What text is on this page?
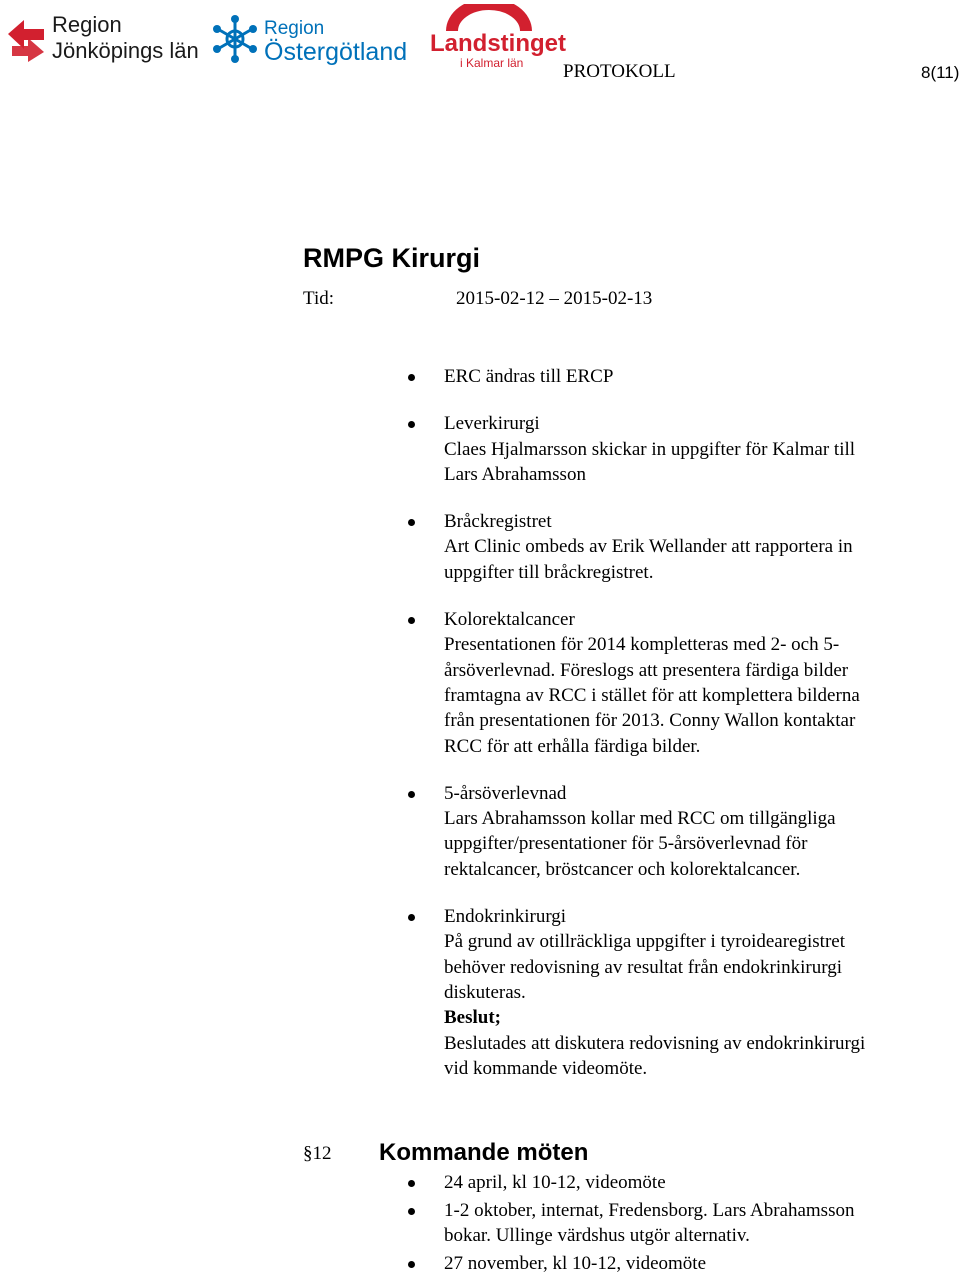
Region
Jönköpings län
Region
Östergötland Landstinget
i Kalmar län PROTOKOLL	8(11)
RMPG Kirurgi
Tid:	2015-02-12 – 2015-02-13
ERC ändras till ERCP
Leverkirurgi
Claes Hjalmarsson skickar in uppgifter för Kalmar till
Lars Abrahamsson
Bråckregistret
Art Clinic ombeds av Erik Wellander att rapportera in
uppgifter till bråckregistret.
Kolorektalcancer
Presentationen för 2014 kompletteras med 2- och 5-
årsöverlevnad. Föreslogs att presentera färdiga bilder
framtagna av RCC i stället för att komplettera bilderna
från presentationen för 2013. Conny Wallon kontaktar
RCC för att erhålla färdiga bilder.
5-årsöverlevnad
Lars Abrahamsson kollar med RCC om tillgängliga
uppgifter/presentationer för 5-årsöverlevnad för
rektalcancer, bröstcancer och kolorektalcancer.
Endokrinkirurgi
På grund av otillräckliga uppgifter i tyroidearegistret
behöver redovisning av resultat från endokrinkirurgi
diskuteras.
Beslut;
Beslutades att diskutera redovisning av endokrinkirurgi
vid kommande videomöte.
§12 Kommande möten
24 april, kl 10-12, videomöte
1-2 oktober, internat, Fredensborg. Lars Abrahamsson
bokar. Ullinge värdshus utgör alternativ.
27 november, kl 10-12, videomöte
